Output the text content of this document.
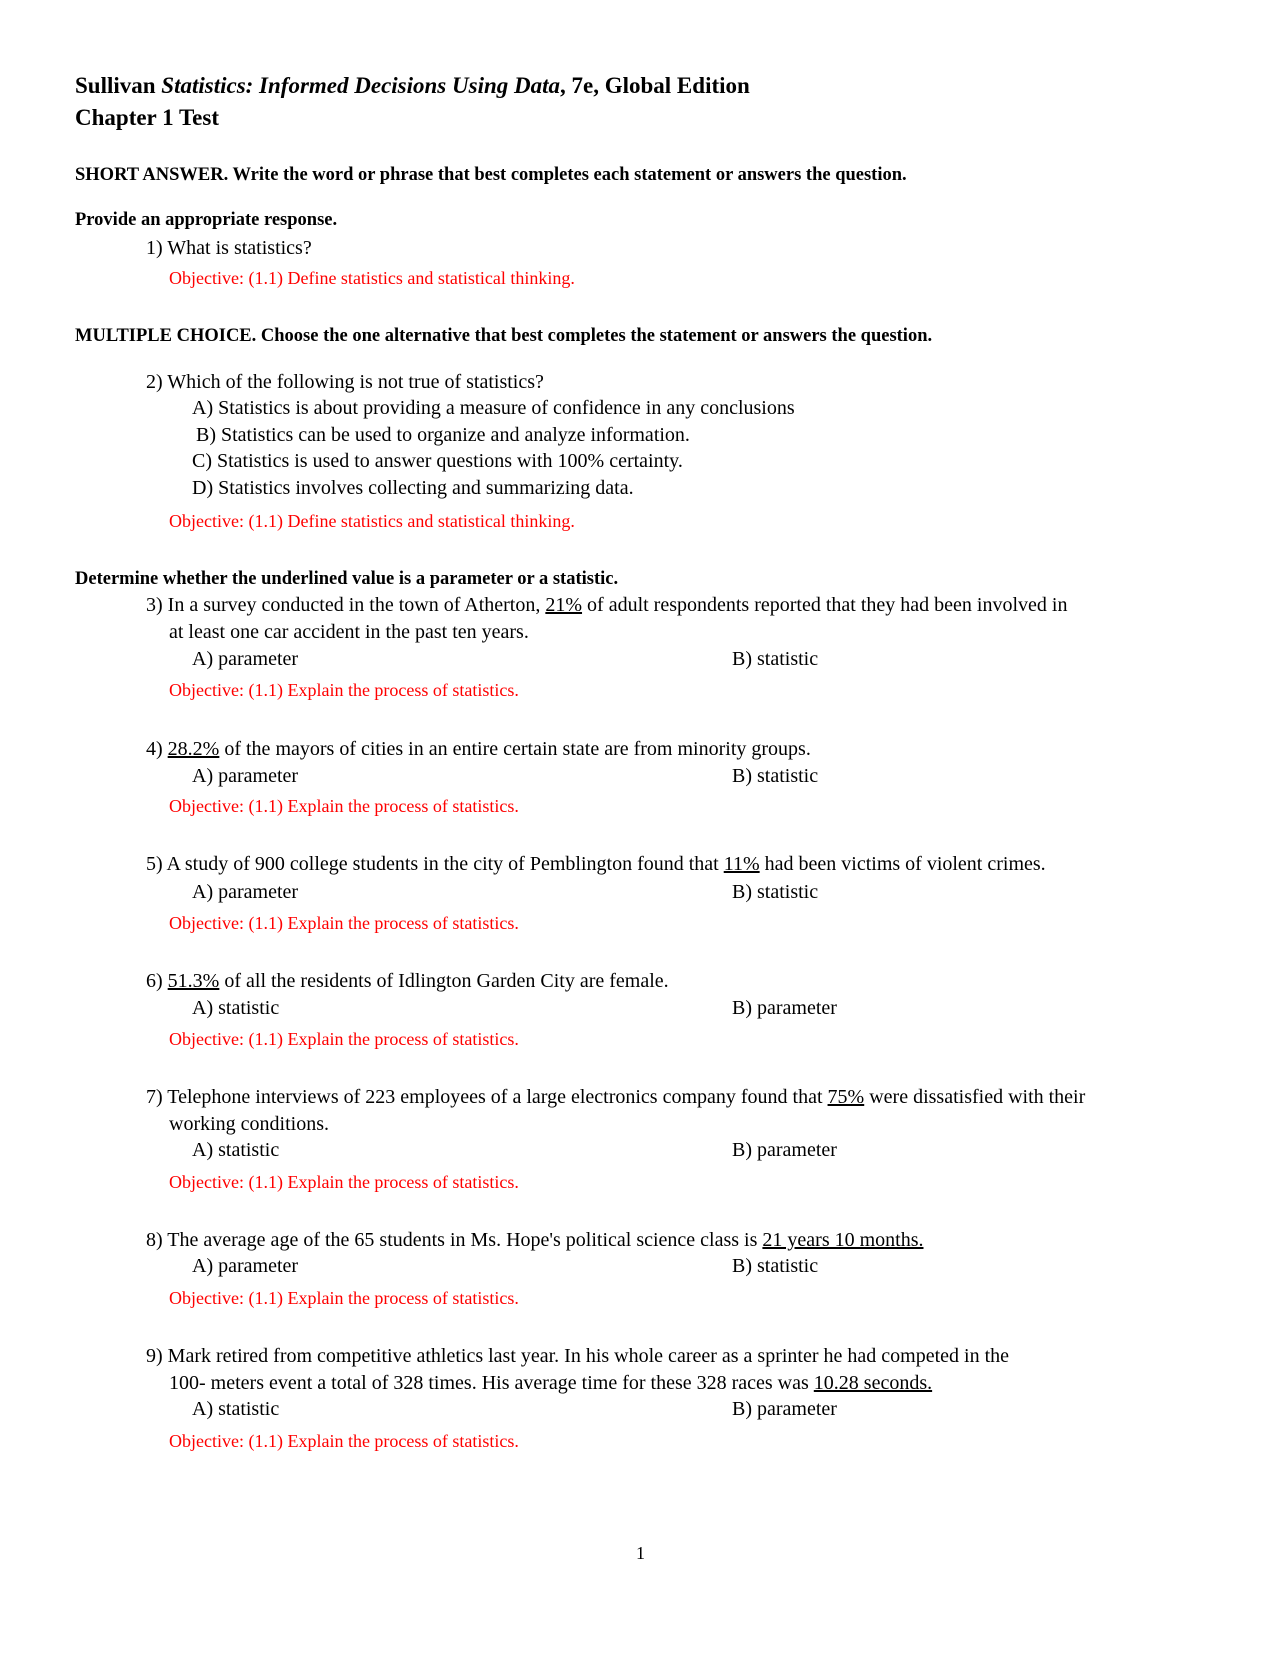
Sullivan Statistics: Informed Decisions Using Data, 7e, Global Edition
Chapter 1 Test
SHORT ANSWER. Write the word or phrase that best completes each statement or answers the question.
Provide an appropriate response.
1) What is statistics?
Objective: (1.1) Define statistics and statistical thinking.
MULTIPLE CHOICE. Choose the one alternative that best completes the statement or answers the question.
2) Which of the following is not true of statistics?
A) Statistics is about providing a measure of confidence in any conclusions
B) Statistics can be used to organize and analyze information.
C) Statistics is used to answer questions with 100% certainty.
D) Statistics involves collecting and summarizing data.
Objective: (1.1) Define statistics and statistical thinking.
Determine whether the underlined value is a parameter or a statistic.
3) In a survey conducted in the town of Atherton, 21% of adult respondents reported that they had been involved in
at least one car accident in the past ten years.
A) parameter	B) statistic
Objective: (1.1) Explain the process of statistics.
4) 28.2% of the mayors of cities in an entire certain state are from minority groups.
A) parameter	B) statistic
Objective: (1.1) Explain the process of statistics.
5) A study of 900 college students in the city of Pemblington found that 11% had been victims of violent crimes.
A) parameter	B) statistic
Objective: (1.1) Explain the process of statistics.
6) 51.3% of all the residents of Idlington Garden City are female.
A) statistic	B) parameter
Objective: (1.1) Explain the process of statistics.
7) Telephone interviews of 223 employees of a large electronics company found that 75% were dissatisfied with their
working conditions.
A) statistic	B) parameter
Objective: (1.1) Explain the process of statistics.
8) The average age of the 65 students in Ms. Hope's political science class is 21 years 10 months.
A) parameter	B) statistic
Objective: (1.1) Explain the process of statistics.
9) Mark retired from competitive athletics last year. In his whole career as a sprinter he had competed in the
100- meters event a total of 328 times. His average time for these 328 races was 10.28 seconds.
A) statistic	B) parameter
Objective: (1.1) Explain the process of statistics.
1
